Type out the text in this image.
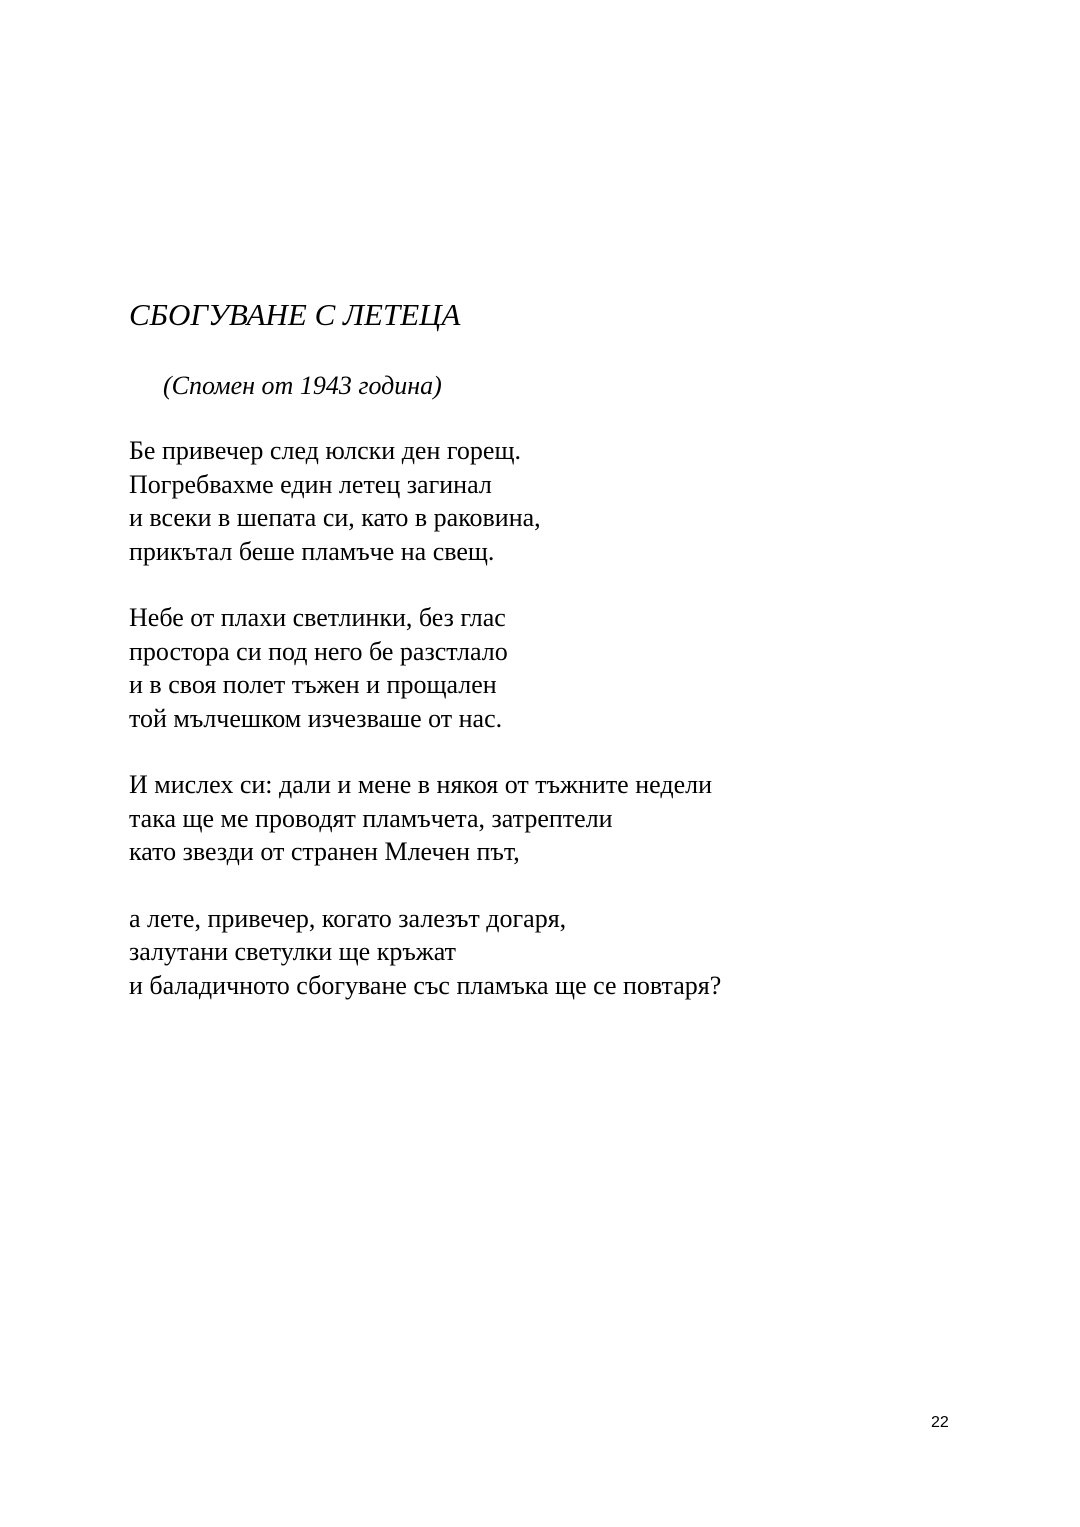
СБОГУВАНЕ С ЛЕТЕЦА
(Спомен от 1943 година)
Бе привечер след юлски ден горещ.
Погребвахме един летец загинал
и всеки в шепата си, като в раковина,
прикътал беше пламъче на свещ.
Небе от плахи светлинки, без глас
простора си под него бе разстлало
и в своя полет тъжен и прощален
той мълчешком изчезваше от нас.
И мислех си: дали и мене в някоя от тъжните недели
така ще ме проводят пламъчета, затрептели
като звезди от странен Млечен път,
а лете, привечер, когато залезът догаря,
залутани светулки ще кръжат
и баладичното сбогуване със пламъка ще се повтаря?
22
